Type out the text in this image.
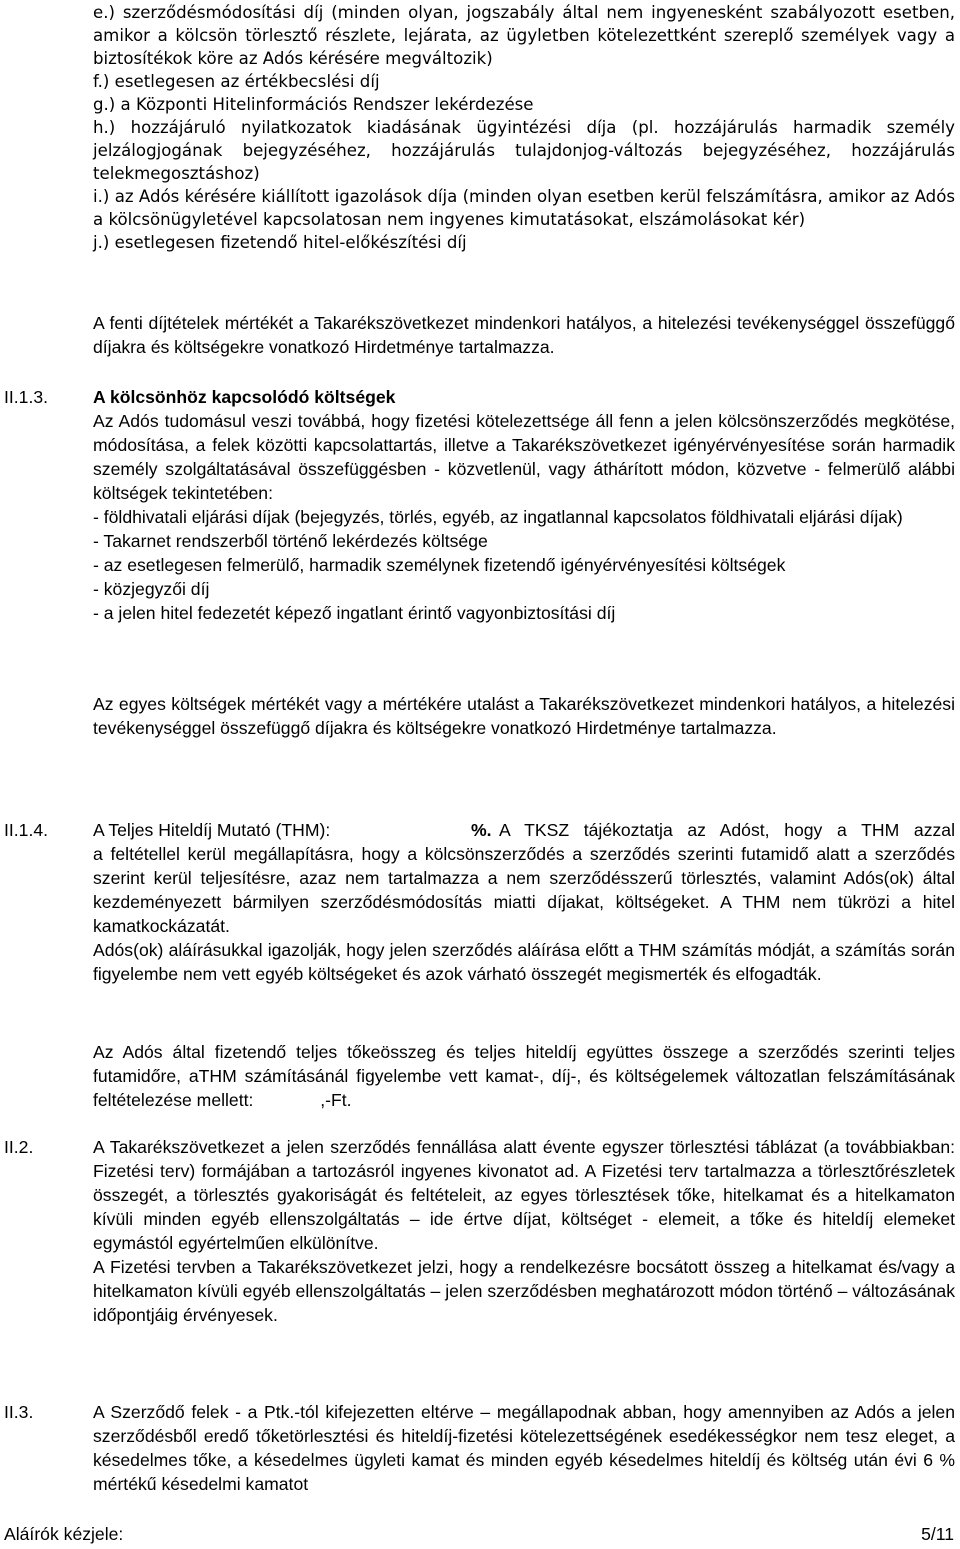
e.) szerződésmódosítási díj (minden olyan, jogszabály által nem ingyenesként szabályozott esetben, amikor a kölcsön törlesztő részlete, lejárata, az ügyletben kötelezettként szereplő személyek vagy a biztosítékok köre az Adós kérésére megváltozik)

f.) esetlegesen az értékbecslési díj

g.) a Központi Hitelinformációs Rendszer lekérdezése

h.) hozzájáruló nyilatkozatok kiadásának ügyintézési díja (pl. hozzájárulás harmadik személy jelzálogjogának bejegyzéséhez, hozzájárulás tulajdonjog-változás bejegyzéséhez, hozzájárulás telekmegosztáshoz)

i.) az Adós kérésére kiállított igazolások díja (minden olyan esetben kerül felszámításra, amikor az Adós a kölcsönügyletével kapcsolatosan nem ingyenes kimutatásokat, elszámolásokat kér)

j.) esetlegesen fizetendő hitel-előkészítési díj

A fenti díjtételek mértékét a Takarékszövetkezet mindenkori hatályos, a hitelezési tevékenységgel összefüggő díjakra és költségekre vonatkozó Hirdetménye tartalmazza.
II.1.3.	A kölcsönhöz kapcsolódó költségek

Az Adós tudomásul veszi továbbá, hogy fizetési kötelezettsége áll fenn a jelen kölcsönszerződés megkötése, módosítása, a felek közötti kapcsolattartás, illetve a Takarékszövetkezet igényérvényesítése során harmadik személy szolgáltatásával összefüggésben - közvetlenül, vagy áthárított módon, közvetve - felmerülő alábbi költségek tekintetében:

- földhivatali eljárási díjak (bejegyzés, törlés, egyéb, az ingatlannal kapcsolatos földhivatali eljárási díjak)

- Takarnet rendszerből történő lekérdezés költsége

- az esetlegesen felmerülő, harmadik személynek fizetendő igényérvényesítési költségek

- közjegyzői díj

- a jelen hitel fedezetét képező ingatlant érintő vagyonbiztosítási díj

Az egyes költségek mértékét vagy a mértékére utalást a Takarékszövetkezet mindenkori hatályos, a hitelezési tevékenységgel összefüggő díjakra és költségekre vonatkozó Hirdetménye tartalmazza.
II.1.4.	A Teljes Hiteldíj Mutató (THM):	%. A TKSZ tájékoztatja az Adóst, hogy a THM azzal

a feltétellel kerül megállapításra, hogy a kölcsönszerződés a szerződés szerinti futamidő alatt a szerződés szerint kerül teljesítésre, azaz nem tartalmazza a nem szerződésszerű törlesztés, valamint Adós(ok) által kezdeményezett bármilyen szerződésmódosítás miatti díjakat, költségeket. A THM nem tükrözi a hitel kamatkockázatát.

Adós(ok) aláírásukkal igazolják, hogy jelen szerződés aláírása előtt a THM számítás módját, a számítás során figyelembe nem vett egyéb költségeket és azok várható összegét megismerték és elfogadták.

Az Adós által fizetendő teljes tőkeösszeg és teljes hiteldíj együttes összege a szerződés szerinti teljes futamidőre, aTHM számításánál figyelembe vett kamat-, díj-, és költségelemek változatlan felszámításának feltételezése mellett:	,-Ft.
II.2.	A Takarékszövetkezet a jelen szerződés fennállása alatt évente egyszer törlesztési táblázat (a továbbiakban: Fizetési terv) formájában a tartozásról ingyenes kivonatot ad. A Fizetési terv tartalmazza a törlesztőrészletek összegét, a törlesztés gyakoriságát és feltételeit, az egyes törlesztések tőke, hitelkamat és a hitelkamaton kívüli minden egyéb ellenszolgáltatás – ide értve díjat, költséget - elemeit, a tőke és hiteldíj elemeket egymástól egyértelműen elkülönítve.

A Fizetési tervben a Takarékszövetkezet jelzi, hogy a rendelkezésre bocsátott összeg a hitelkamat és/vagy a hitelkamaton kívüli egyéb ellenszolgáltatás – jelen szerződésben meghatározott módon történő – változásának időpontjáig érvényesek.

II.3.	A Szerződő felek - a Ptk.-tól kifejezetten eltérve – megállapodnak abban, hogy amennyiben az Adós a jelen szerződésből eredő tőketörlesztési és hiteldíj-fizetési kötelezettségének esedékességkor nem tesz eleget, a késedelmes tőke, a késedelmes ügyleti kamat és minden egyéb késedelmes hiteldíj és költség után évi 6 % mértékű késedelmi kamatot
Aláírók kézjele:	5/11
